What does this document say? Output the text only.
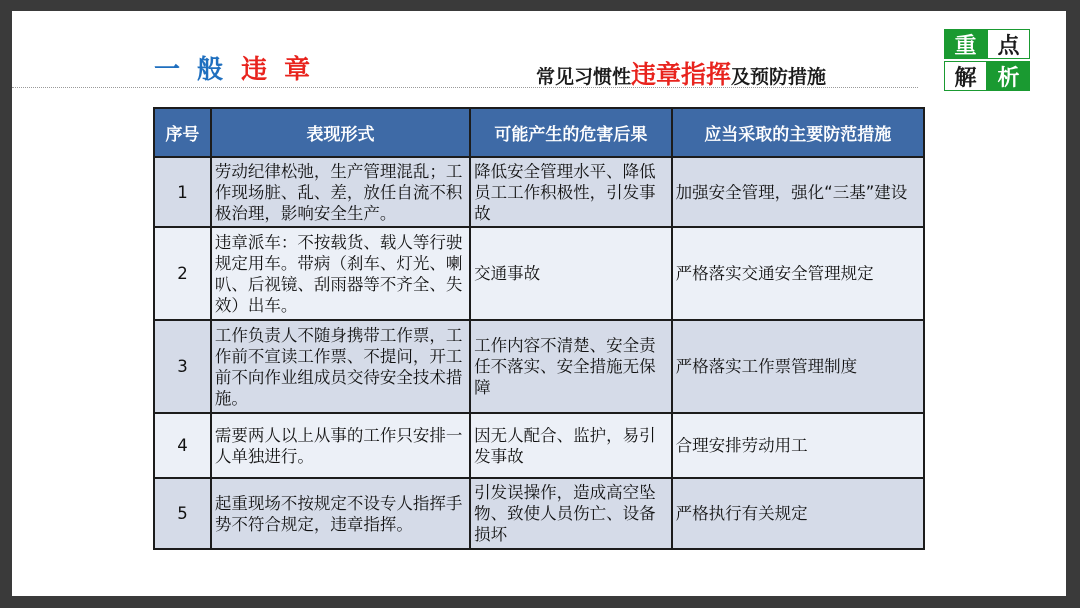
一 般 违 章	常见习惯性违章指挥及预防措施
重 点
解 析
序号	表现形式	可能产生的危害后果	应当采取的主要防范措施
1	劳动纪律松弛，生产管理混乱；工作现场脏、乱、差，放任自流不积极治理，影响安全生产。	降低安全管理水平、降低员工工作积极性，引发事故	加强安全管理，强化“三基”建设
2	违章派车：不按载货、载人等行驶规定用车。带病（刹车、灯光、喇叭、后视镜、刮雨器等不齐全、失效）出车。	交通事故	严格落实交通安全管理规定
3	工作负责人不随身携带工作票，工作前不宣读工作票、不提问，开工前不向作业组成员交待安全技术措施。	工作内容不清楚、安全责任不落实、安全措施无保障	严格落实工作票管理制度
4	需要两人以上从事的工作只安排一人单独进行。	因无人配合、监护，易引发事故	合理安排劳动用工
5	起重现场不按规定不设专人指挥手势不符合规定，违章指挥。	引发误操作，造成高空坠物、致使人员伤亡、设备损坏	严格执行有关规定
